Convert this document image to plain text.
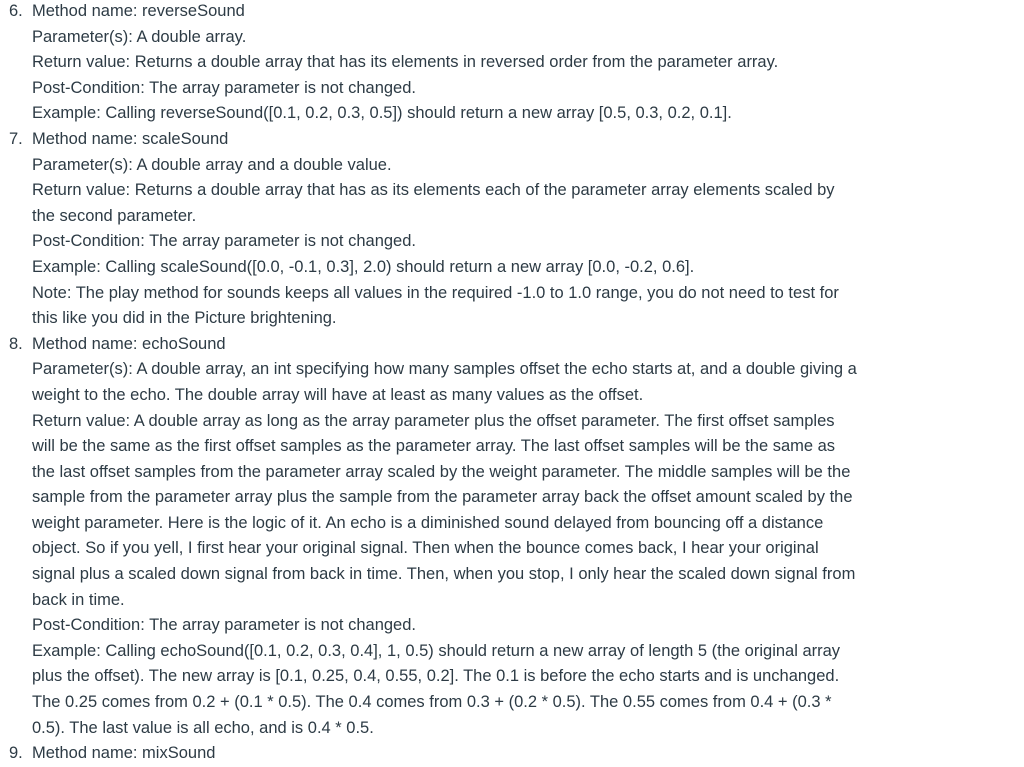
6. Method name: reverseSound
Parameter(s): A double array.
Return value: Returns a double array that has its elements in reversed order from the parameter array.
Post-Condition: The array parameter is not changed.
Example: Calling reverseSound([0.1, 0.2, 0.3, 0.5]) should return a new array [0.5, 0.3, 0.2, 0.1].
7. Method name: scaleSound
Parameter(s): A double array and a double value.
Return value: Returns a double array that has as its elements each of the parameter array elements scaled by the second parameter.
Post-Condition: The array parameter is not changed.
Example: Calling scaleSound([0.0, -0.1, 0.3], 2.0) should return a new array [0.0, -0.2, 0.6].
Note: The play method for sounds keeps all values in the required -1.0 to 1.0 range, you do not need to test for this like you did in the Picture brightening.
8. Method name: echoSound
Parameter(s): A double array, an int specifying how many samples offset the echo starts at, and a double giving a weight to the echo. The double array will have at least as many values as the offset.
Return value: A double array as long as the array parameter plus the offset parameter. The first offset samples will be the same as the first offset samples as the parameter array. The last offset samples will be the same as the last offset samples from the parameter array scaled by the weight parameter. The middle samples will be the sample from the parameter array plus the sample from the parameter array back the offset amount scaled by the weight parameter. Here is the logic of it. An echo is a diminished sound delayed from bouncing off a distance object. So if you yell, I first hear your original signal. Then when the bounce comes back, I hear your original signal plus a scaled down signal from back in time. Then, when you stop, I only hear the scaled down signal from back in time.
Post-Condition: The array parameter is not changed.
Example: Calling echoSound([0.1, 0.2, 0.3, 0.4], 1, 0.5) should return a new array of length 5 (the original array plus the offset). The new array is [0.1, 0.25, 0.4, 0.55, 0.2]. The 0.1 is before the echo starts and is unchanged. The 0.25 comes from 0.2 + (0.1 * 0.5). The 0.4 comes from 0.3 + (0.2 * 0.5). The 0.55 comes from 0.4 + (0.3 * 0.5). The last value is all echo, and is 0.4 * 0.5.
9. Method name: mixSound
